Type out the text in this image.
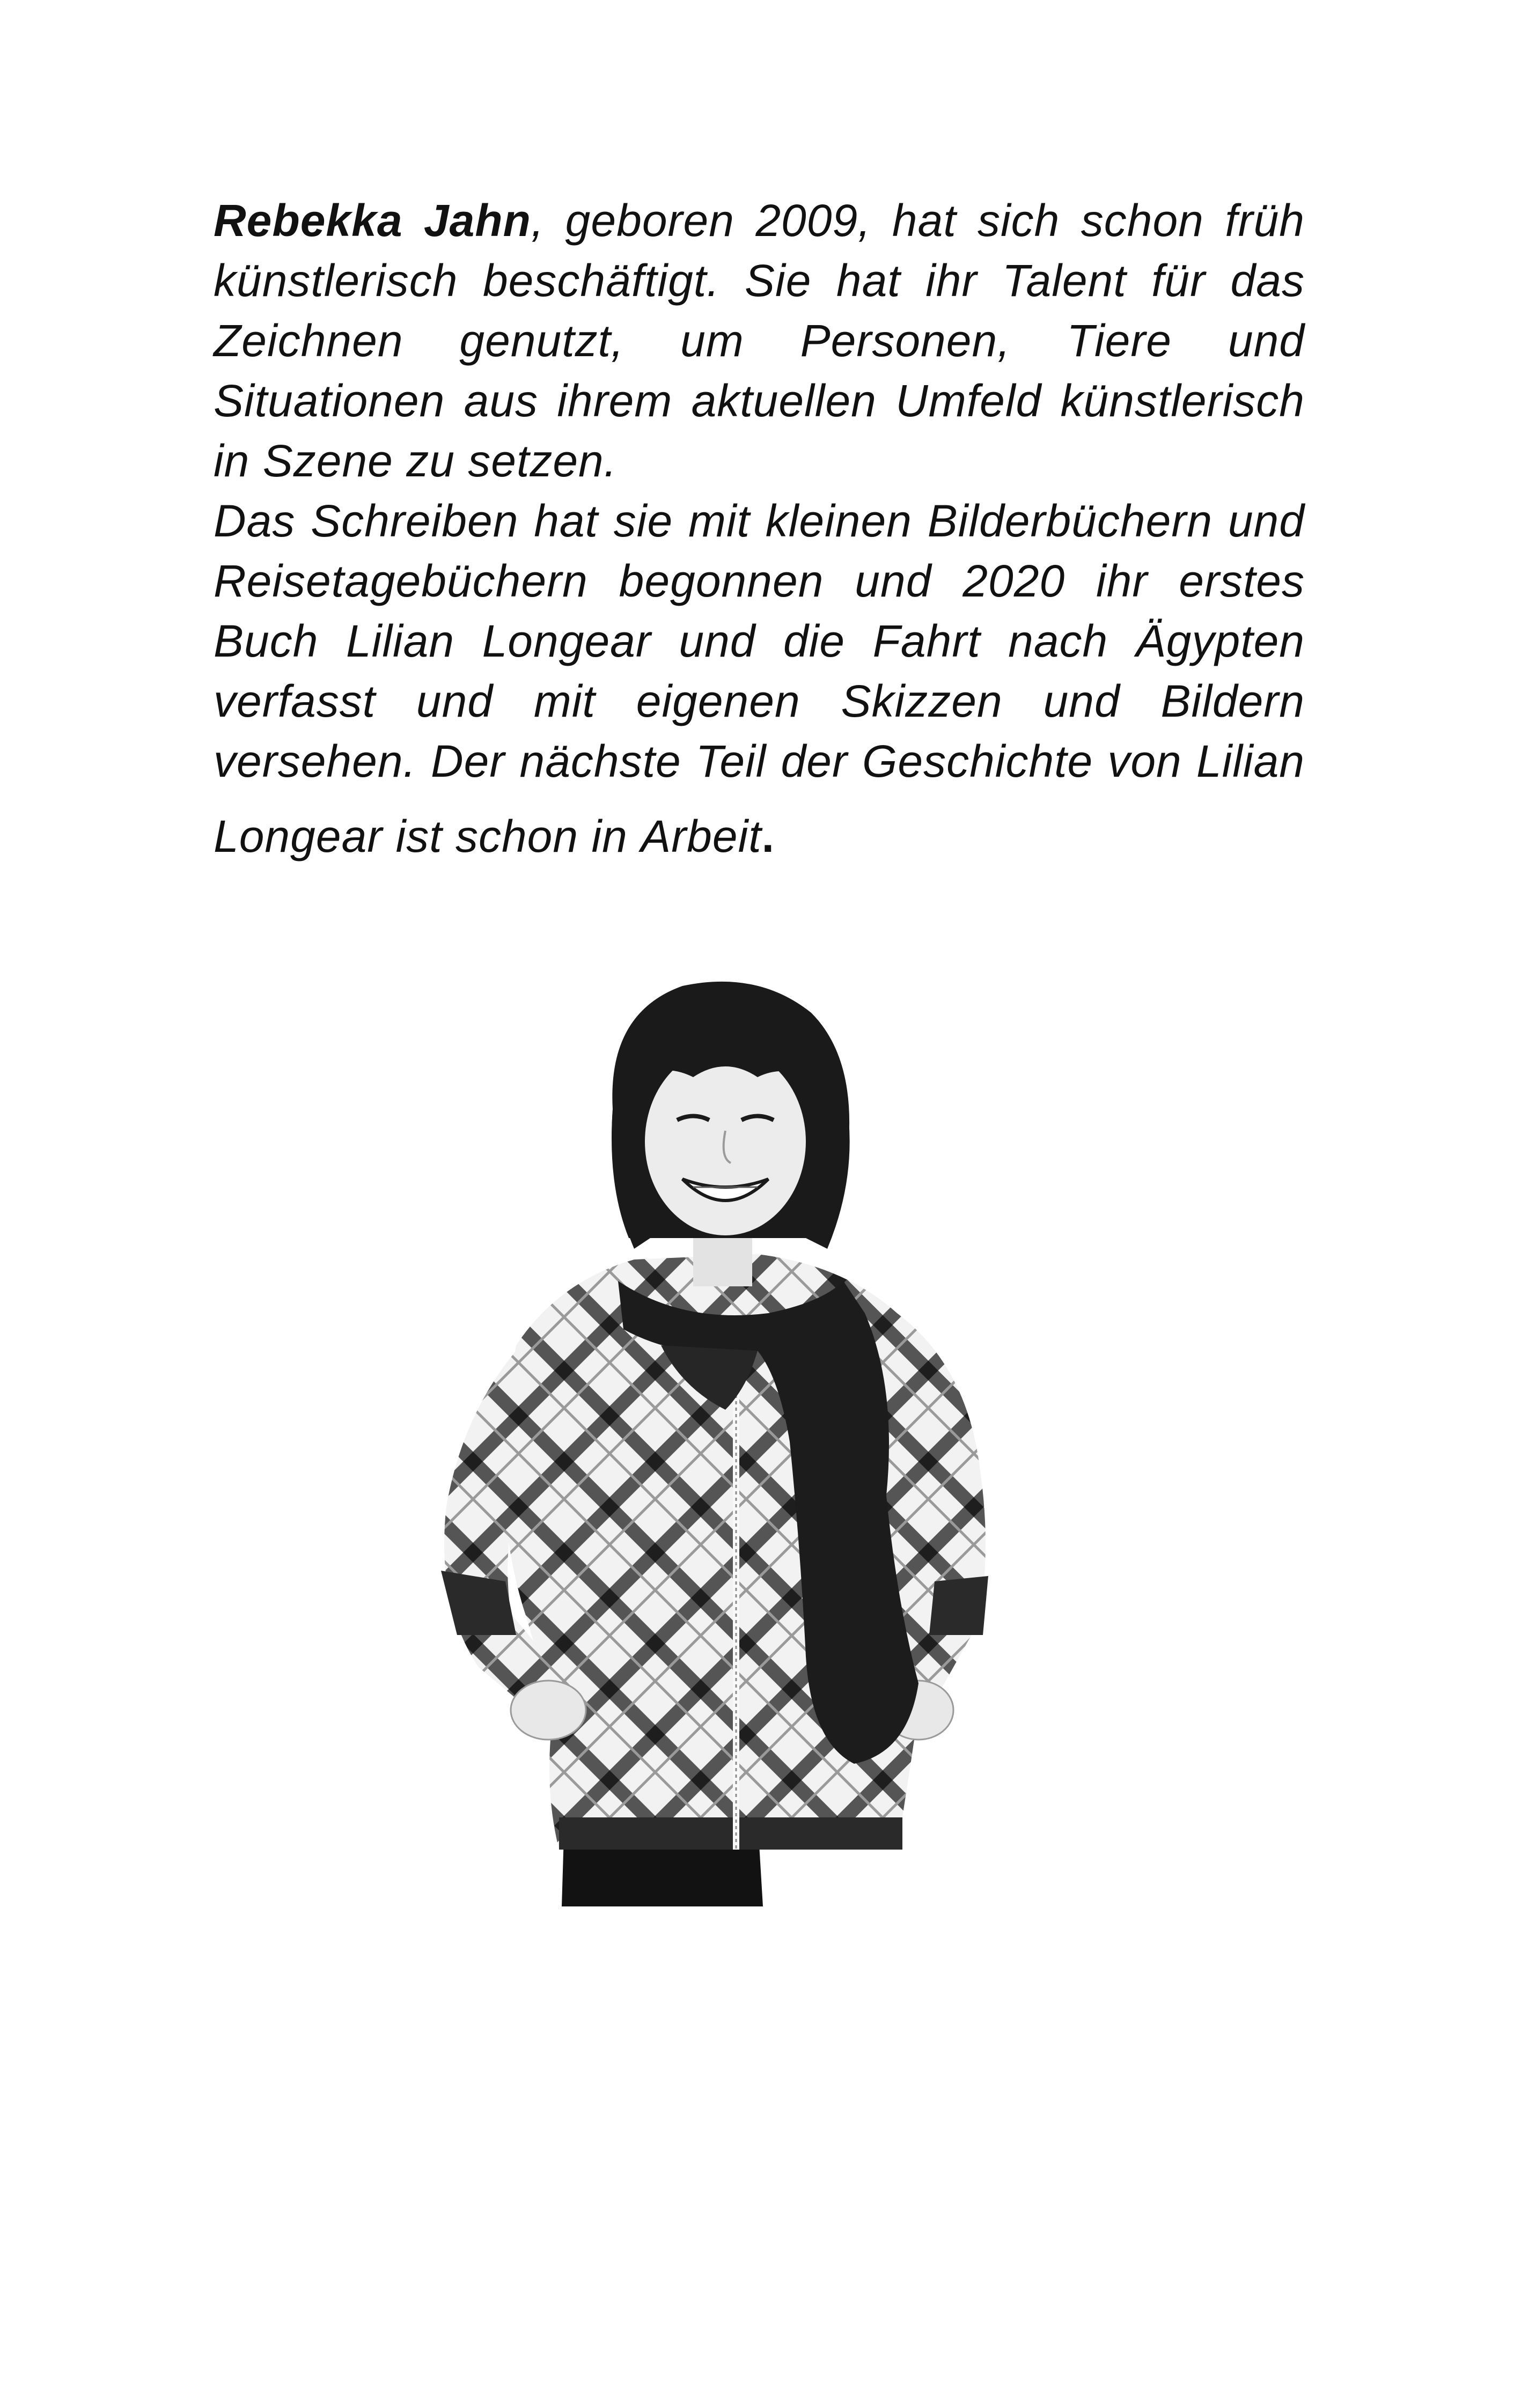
Rebekka Jahn, geboren 2009, hat sich schon früh künstlerisch beschäftigt. Sie hat ihr Talent für das Zeichnen genutzt, um Personen, Tiere und Situationen aus ihrem aktuellen Umfeld künstlerisch in Szene zu setzen.

Das Schreiben hat sie mit kleinen Bilderbüchern und Reisetagebüchern begonnen und 2020 ihr erstes Buch Lilian Longear und die Fahrt nach Ägypten verfasst und mit eigenen Skizzen und Bildern versehen. Der nächste Teil der Geschichte von Lilian Longear ist schon in Arbeit.
